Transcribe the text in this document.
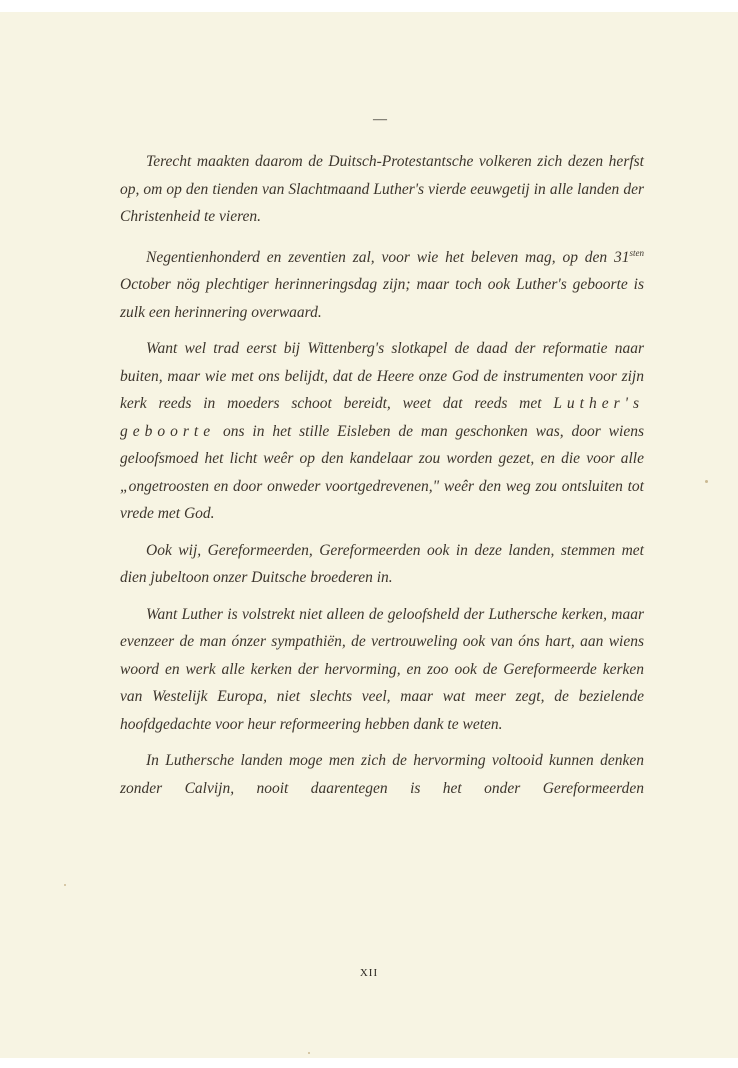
—

Terecht maakten daarom de Duitsch-Protestantsche volkeren zich dezen herfst op, om op den tienden van Slachtmaand Luther's vierde eeuwgetij in alle landen der Christenheid te vieren.

Negentienhonderd en zeventien zal, voor wie het beleven mag, op den $31^{sten}$ October nög plechtiger herinneringsdag zijn; maar toch ook Luther's geboorte is zulk een herinnering overwaard.

Want wel trad eerst bij Wittenberg's slotkapel de daad der reformatie naar buiten, maar wie met ons belijdt, dat de Heere onze God de instrumenten voor zijn kerk reeds in moeders schoot bereidt, weet dat reeds met Luther's geboorte ons in het stille Eisleben de man geschonken was, door wiens geloofsmoed het licht weêr op den kandelaar zou worden gezet, en die voor alle „ongetroosten en door onweder voortgedrevenen," weêr den weg zou ontsluiten tot vrede met God.

Ook wij, Gereformeerden, Gereformeerden ook in deze landen, stemmen met dien jubeltoon onzer Duitsche broederen in.

Want Luther is volstrekt niet alleen de geloofsheld der Luthersche kerken, maar evenzeer de man ónzer sympathiën, de vertrouweling ook van óns hart, aan wiens woord en werk alle kerken der hervorming, en zoo ook de Gereformeerde kerken van Westelijk Europa, niet slechts veel, maar wat meer zegt, de bezielende hoofdgedachte voor heur reformeering hebben dank te weten.

In Luthersche landen moge men zich de hervorming voltooid kunnen denken zonder Calvijn, nooit daarentegen is het onder Gereformeerden

XII
